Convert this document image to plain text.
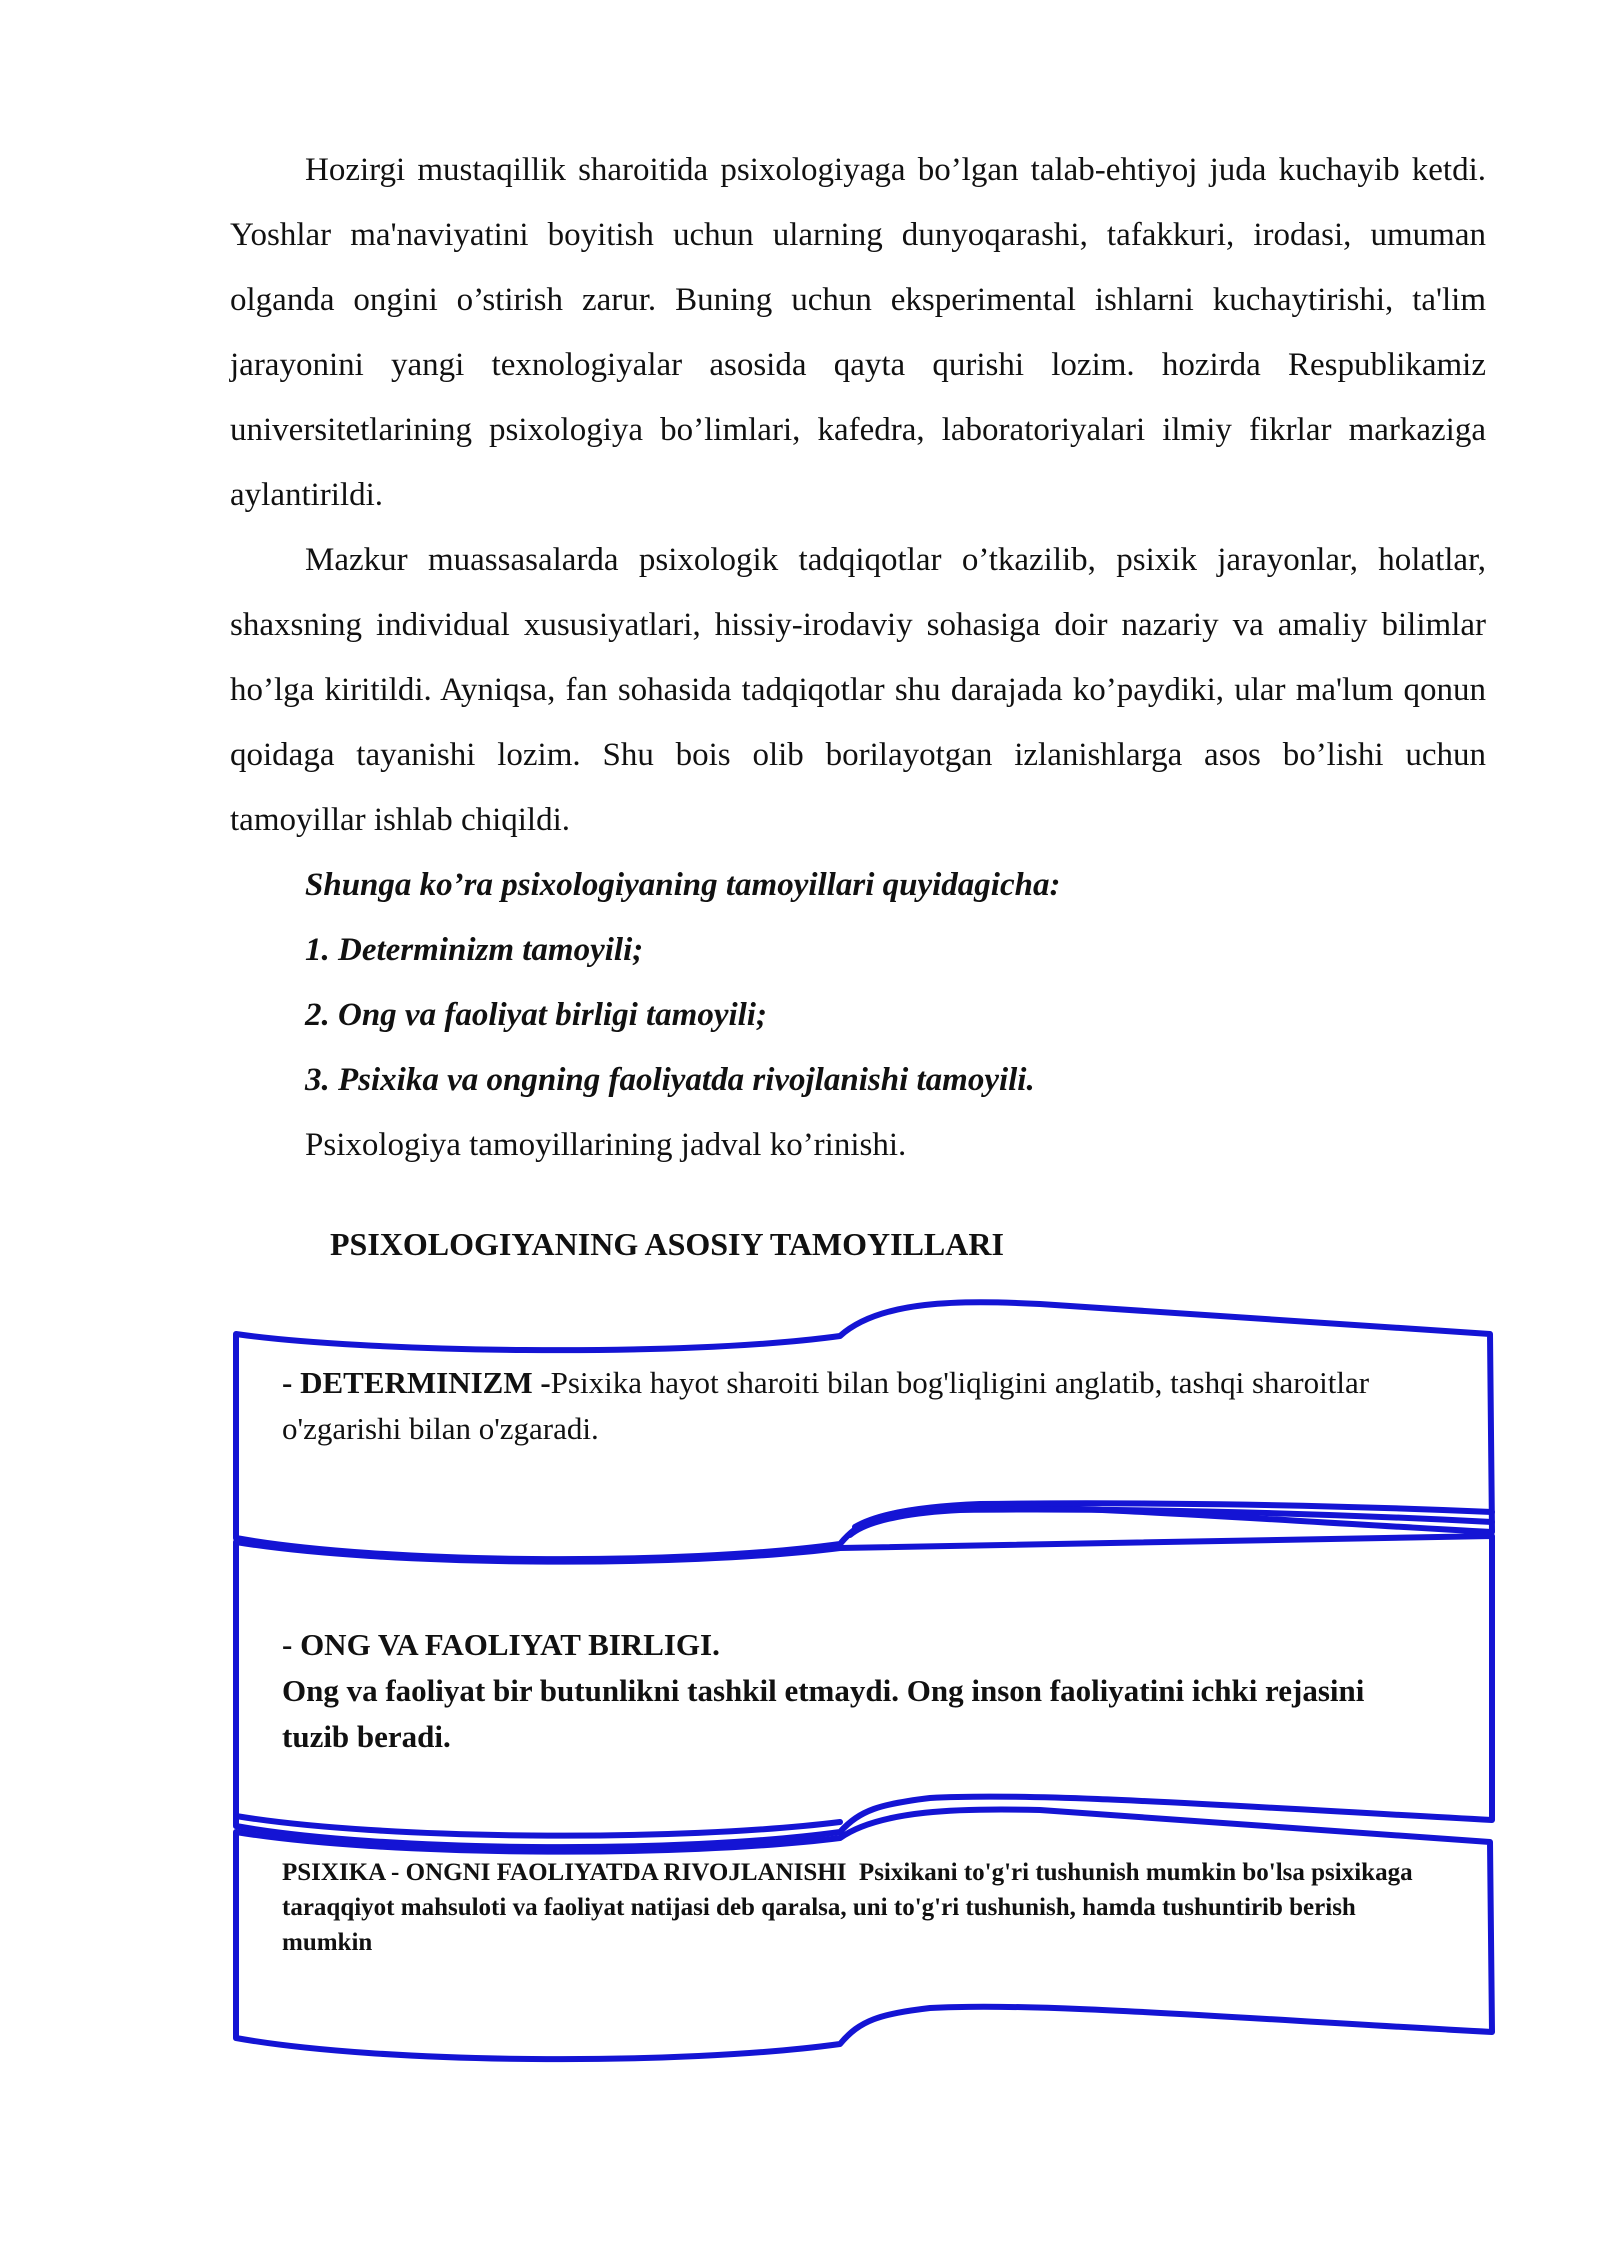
Hozirgi mustaqillik sharoitida psixologiyaga bo’lgan talab-ehtiyoj juda kuchayib ketdi. Yoshlar ma'naviyatini boyitish uchun ularning dunyoqarashi, tafakkuri, irodasi, umuman olganda ongini o’stirish zarur. Buning uchun eksperimental ishlarni kuchaytirishi, ta'lim jarayonini yangi texnologiyalar asosida qayta qurishi lozim. hozirda Respublikamiz universitetlarining psixologiya bo’limlari, kafedra, laboratoriyalari ilmiy fikrlar markaziga aylantirildi.

Mazkur muassasalarda psixologik tadqiqotlar o’tkazilib, psixik jarayonlar, holatlar, shaxsning individual xususiyatlari, hissiy-irodaviy sohasiga doir nazariy va amaliy bilimlar ho’lga kiritildi. Ayniqsa, fan sohasida tadqiqotlar shu darajada ko’paydiki, ular ma'lum qonun qoidaga tayanishi lozim. Shu bois olib borilayotgan izlanishlarga asos bo’lishi uchun tamoyillar ishlab chiqildi.

Shunga ko’ra psixologiyaning tamoyillari quyidagicha:

1. Determinizm tamoyili;

2. Ong va faoliyat birligi tamoyili;

3. Psixika va ongning faoliyatda rivojlanishi tamoyili.

Psixologiya tamoyillarining jadval ko’rinishi.

PSIXOLOGIYANING ASOSIY TAMOYILLARI

- DETERMINIZM -Psixika hayot sharoiti bilan bog'liqligini anglatib, tashqi sharoitlar o'zgarishi bilan o'zgaradi.

- ONG VA FAOLIYAT BIRLIGI.
Ong va faoliyat bir butunlikni tashkil etmaydi. Ong inson faoliyatini ichki rejasini tuzib beradi.
PSIXIKA - ONGNI FAOLIYATDA RIVOJLANISHI Psixikani to'g'ri tushunish mumkin bo'lsa psixikaga
taraqqiyot mahsuloti va faoliyat natijasi deb qaralsa, uni to'g'ri tushunish, hamda tushuntirib berish mumkin
